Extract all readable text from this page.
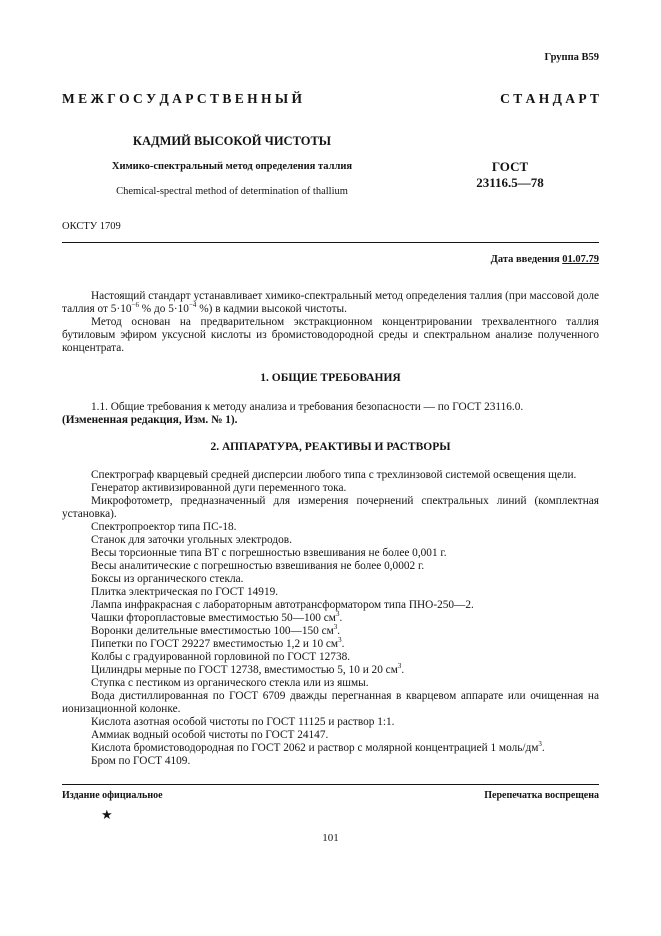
Группа В59
М Е Ж Г О С У Д А Р С Т В Е Н Н Ы Й	С Т А Н Д А Р Т
КАДМИЙ ВЫСОКОЙ ЧИСТОТЫ
Химико-спектральный метод определения таллия
Chemical-spectral method of determination of thallium
ГОСТ
23116.5—78
ОКСТУ 1709
Дата введения 01.07.79

Настоящий стандарт устанавливает химико-спектральный метод определения таллия (при массовой доле таллия от $5\cdot 10^{-6}$ % до $5\cdot 10^{-4}$ %) в кадмии высокой чистоты.

Метод основан на предварительном экстракционном концентрировании трехвалентного таллия бутиловым эфиром уксусной кислоты из бромистоводородной среды и спектральном анализе полученного концентрата.

1. ОБЩИЕ ТРЕБОВАНИЯ

1.1. Общие требования к методу анализа и требования безопасности — по ГОСТ 23116.0.

(Измененная редакция, Изм. № 1).

2. АППАРАТУРА, РЕАКТИВЫ И РАСТВОРЫ

Спектрограф кварцевый средней дисперсии любого типа с трехлинзовой системой освещения щели.

Генератор активизированной дуги переменного тока.

Микрофотометр, предназначенный для измерения почернений спектральных линий (комплектная установка).

Спектропроектор типа ПС-18.

Станок для заточки угольных электродов.

Весы торсионные типа ВТ с погрешностью взвешивания не более 0,001 г.

Весы аналитические с погрешностью взвешивания не более 0,0002 г.

Боксы из органического стекла.

Плитка электрическая по ГОСТ 14919.

Лампа инфракрасная с лабораторным автотрансформатором типа ПНО-250—2.

Чашки фторопластовые вместимостью 50—100 $см^3$.

Воронки делительные вместимостью 100—150 $см^3$.

Пипетки по ГОСТ 29227 вместимостью 1,2 и 10 $см^3$.

Колбы с градуированной горловиной по ГОСТ 12738.

Цилиндры мерные по ГОСТ 12738, вместимостью 5, 10 и 20 $см^3$.

Ступка с пестиком из органического стекла или из яшмы.

Вода дистиллированная по ГОСТ 6709 дважды перегнанная в кварцевом аппарате или очищенная на ионизационной колонке.

Кислота азотная особой чистоты по ГОСТ 11125 и раствор 1:1.

Аммиак водный особой чистоты по ГОСТ 24147.

Кислота бромистоводородная по ГОСТ 2062 и раствор с молярной концентрацией 1 моль/$дм^3$.

Бром по ГОСТ 4109.

Издание официальное	Перепечатка воспрещена
★
101
